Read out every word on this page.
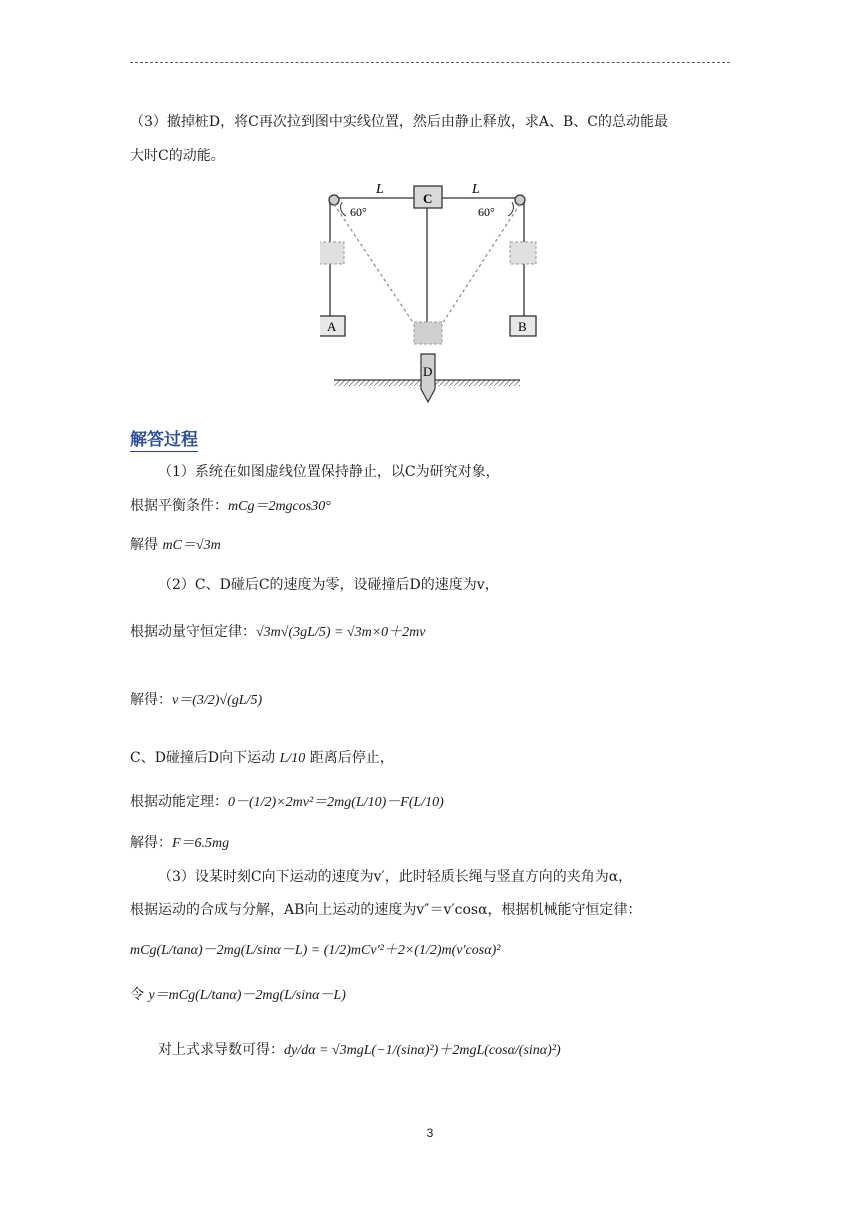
（3）撤掉桩D，将C再次拉到图中实线位置，然后由静止释放，求A、B、C的总动能最
大时C的动能。
L	L
C
60°	60°
A	B
D
解答过程
（1）系统在如图虚线位置保持静止，以C为研究对象，
根据平衡条件：mCg＝2mgcos30°
解得 mC＝√3m
（2）C、D碰后C的速度为零，设碰撞后D的速度为v，
根据动量守恒定律：√3m√(3gL/5) = √3m×0＋2mv
解得：v＝(3/2)√(gL/5)
C、D碰撞后D向下运动 L/10 距离后停止，
根据动能定理：0－(1/2)×2mv²＝2mg(L/10)－F(L/10)
解得：F＝6.5mg
（3）设某时刻C向下运动的速度为v′，此时轻质长绳与竖直方向的夹角为α，
根据运动的合成与分解，AB向上运动的速度为v″＝v′cosα，根据机械能守恒定律：
mCg(L/tanα)－2mg(L/sinα－L) = (1/2)mCv′²＋2×(1/2)m(v′cosα)²
令 y＝mCg(L/tanα)－2mg(L/sinα－L)
对上式求导数可得：dy/dα = √3mgL(−1/(sinα)²)＋2mgL(cosα/(sinα)²)
3
